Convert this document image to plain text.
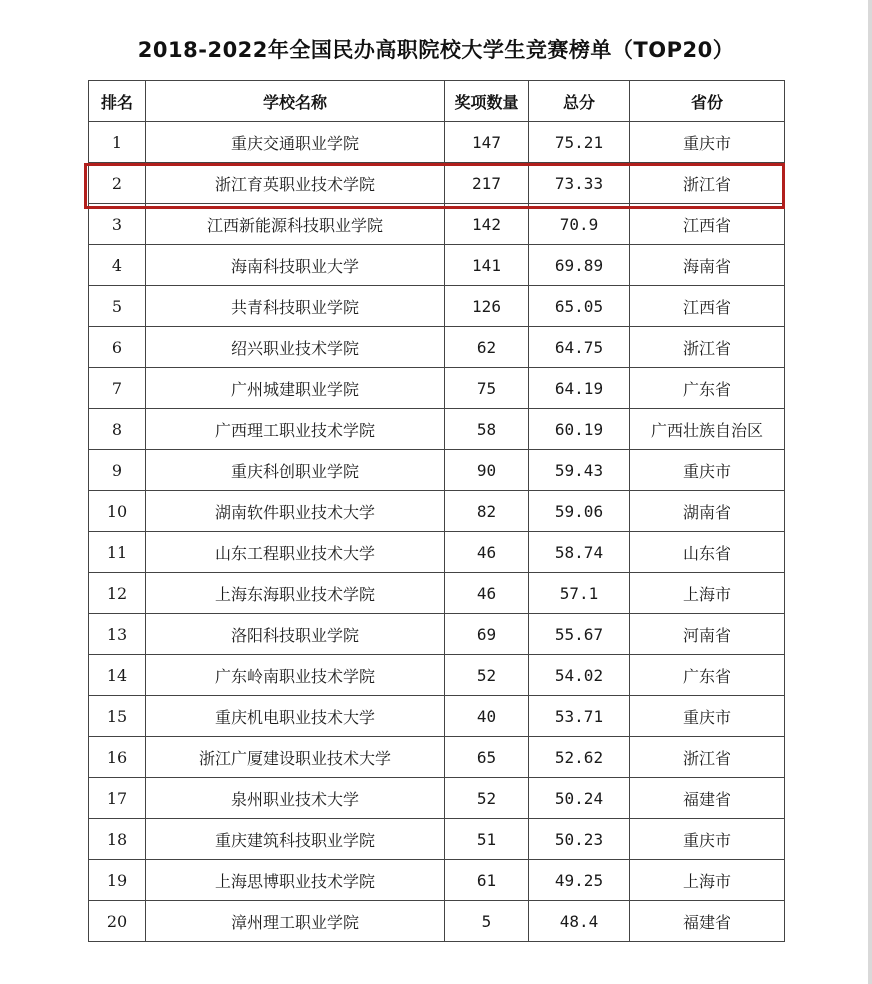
2018-2022年全国民办高职院校大学生竞赛榜单（TOP20）
排名	学校名称	奖项数量	总分	省份
1	重庆交通职业学院	147	75.21	重庆市
2	浙江育英职业技术学院	217	73.33	浙江省
3	江西新能源科技职业学院	142	70.9	江西省
4	海南科技职业大学	141	69.89	海南省
5	共青科技职业学院	126	65.05	江西省
6	绍兴职业技术学院	62	64.75	浙江省
7	广州城建职业学院	75	64.19	广东省
8	广西理工职业技术学院	58	60.19	广西壮族自治区
9	重庆科创职业学院	90	59.43	重庆市
10	湖南软件职业技术大学	82	59.06	湖南省
11	山东工程职业技术大学	46	58.74	山东省
12	上海东海职业技术学院	46	57.1	上海市
13	洛阳科技职业学院	69	55.67	河南省
14	广东岭南职业技术学院	52	54.02	广东省
15	重庆机电职业技术大学	40	53.71	重庆市
16	浙江广厦建设职业技术大学	65	52.62	浙江省
17	泉州职业技术大学	52	50.24	福建省
18	重庆建筑科技职业学院	51	50.23	重庆市
19	上海思博职业技术学院	61	49.25	上海市
20	漳州理工职业学院	5	48.4	福建省
